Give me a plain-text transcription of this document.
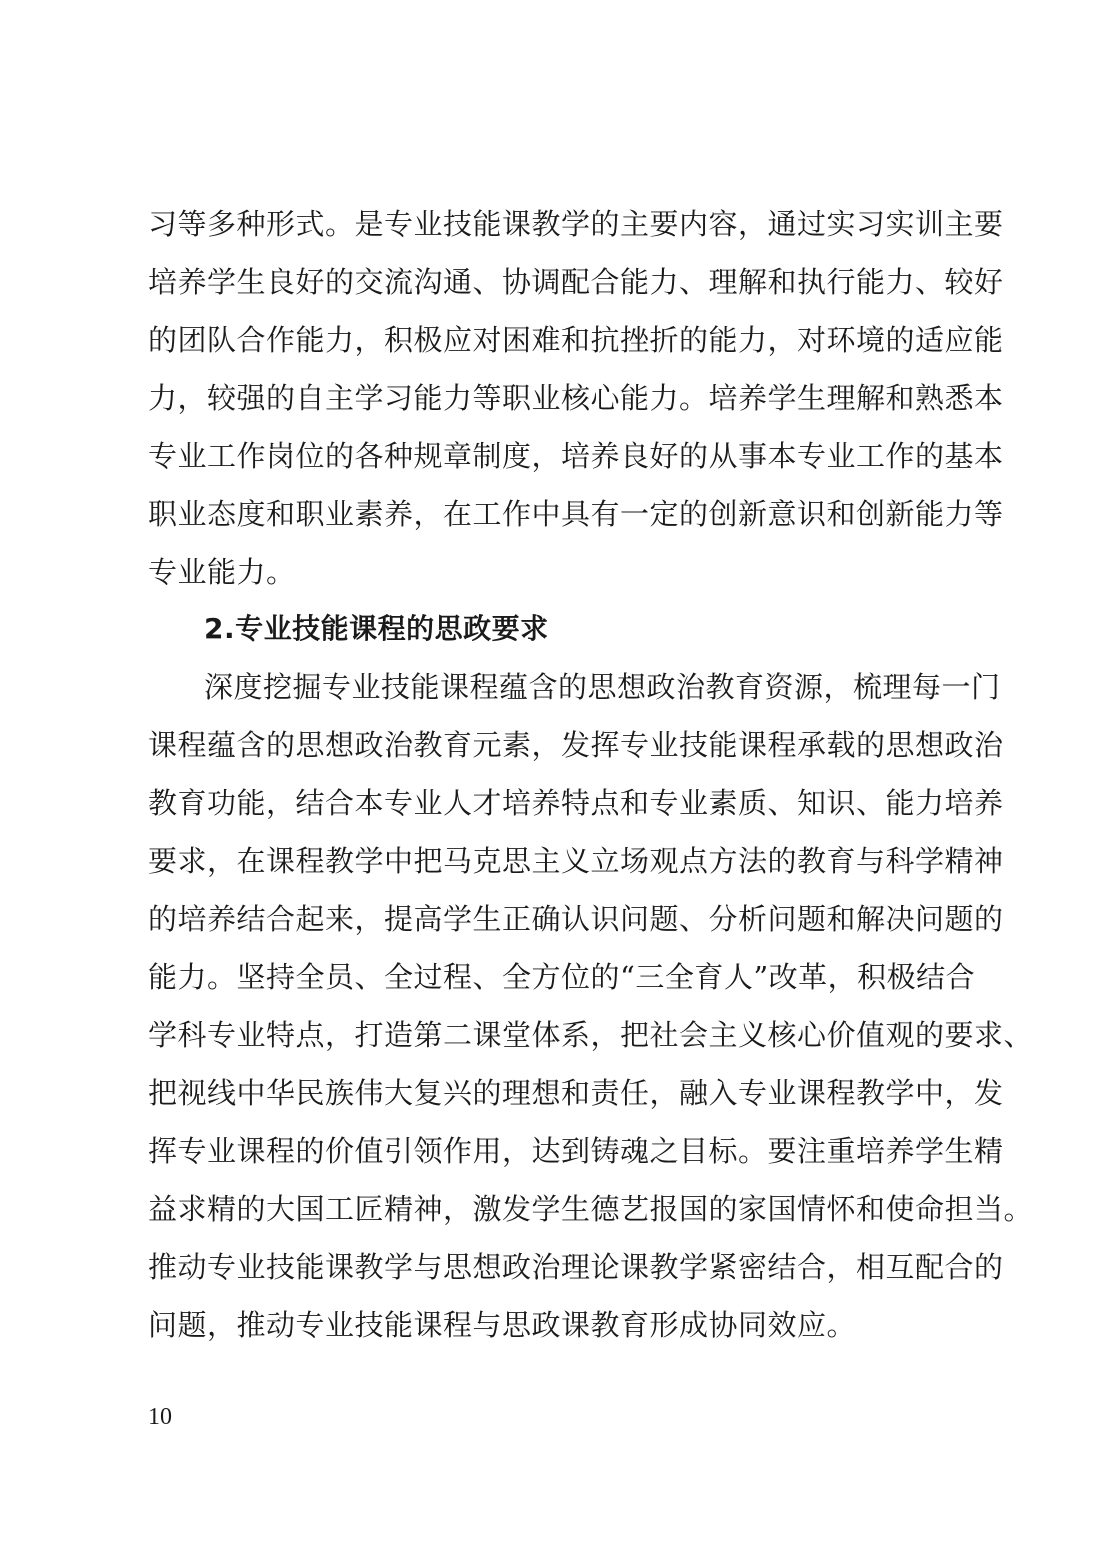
习等多种形式。是专业技能课教学的主要内容，通过实习实训主要
培养学生良好的交流沟通、协调配合能力、理解和执行能力、较好
的团队合作能力，积极应对困难和抗挫折的能力，对环境的适应能
力，较强的自主学习能力等职业核心能力。培养学生理解和熟悉本
专业工作岗位的各种规章制度，培养良好的从事本专业工作的基本
职业态度和职业素养，在工作中具有一定的创新意识和创新能力等
专业能力。
2.专业技能课程的思政要求
深度挖掘专业技能课程蕴含的思想政治教育资源，梳理每一门
课程蕴含的思想政治教育元素，发挥专业技能课程承载的思想政治
教育功能，结合本专业人才培养特点和专业素质、知识、能力培养
要求，在课程教学中把马克思主义立场观点方法的教育与科学精神
的培养结合起来，提高学生正确认识问题、分析问题和解决问题的
能力。坚持全员、全过程、全方位的“三全育人”改革，积极结合
学科专业特点，打造第二课堂体系，把社会主义核心价值观的要求、
把视线中华民族伟大复兴的理想和责任，融入专业课程教学中，发
挥专业课程的价值引领作用，达到铸魂之目标。要注重培养学生精
益求精的大国工匠精神，激发学生德艺报国的家国情怀和使命担当。
推动专业技能课教学与思想政治理论课教学紧密结合，相互配合的
问题，推动专业技能课程与思政课教育形成协同效应。
10
